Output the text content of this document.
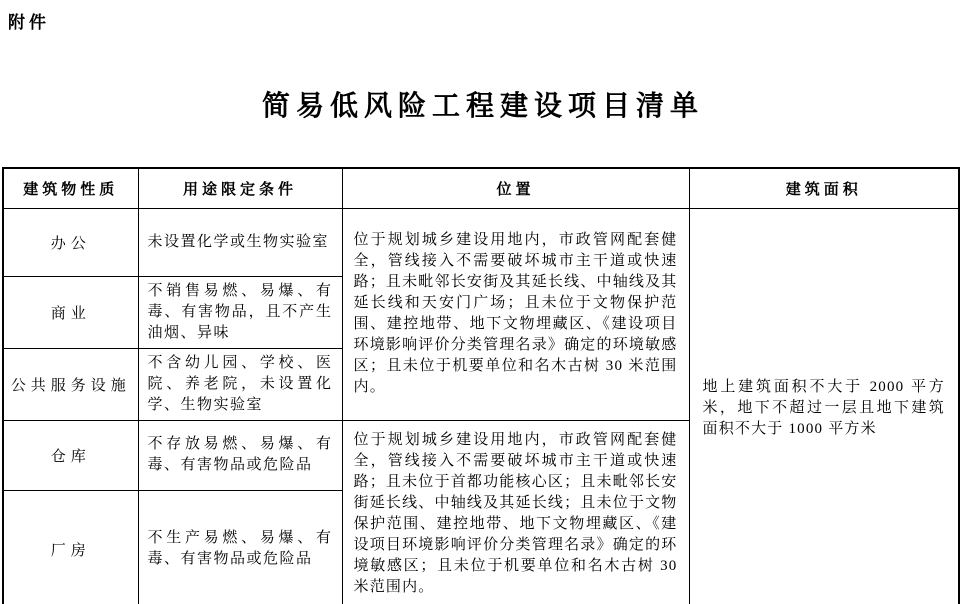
附件
简易低风险工程建设项目清单
建筑物性质	用途限定条件	位置	建筑面积
办公	未设置化学或生物实验室	位于规划城乡建设用地内，市政管网配套健全，管线接入不需要破坏城市主干道或快速路；且未毗邻长安街及其延长线、中轴线及其延长线和天安门广场；且未位于文物保护范围、建控地带、地下文物埋藏区、《建设项目环境影响评价分类管理名录》确定的环境敏感区；且未位于机要单位和名木古树 30 米范围内。	地上建筑面积不大于 2000 平方米，地下不超过一层且地下建筑面积不大于 1000 平方米
商业	不销售易燃、易爆、有毒、有害物品，且不产生油烟、异味		
公共服务设施	不含幼儿园、学校、医院、养老院，未设置化学、生物实验室		
仓库	不存放易燃、易爆、有毒、有害物品或危险品	位于规划城乡建设用地内，市政管网配套健全，管线接入不需要破坏城市主干道或快速路；且未位于首都功能核心区；且未毗邻长安街延长线、中轴线及其延长线；且未位于文物保护范围、建控地带、地下文物埋藏区、《建设项目环境影响评价分类管理名录》确定的环境敏感区；且未位于机要单位和名木古树 30 米范围内。	
厂房	不生产易燃、易爆、有毒、有害物品或危险品		
